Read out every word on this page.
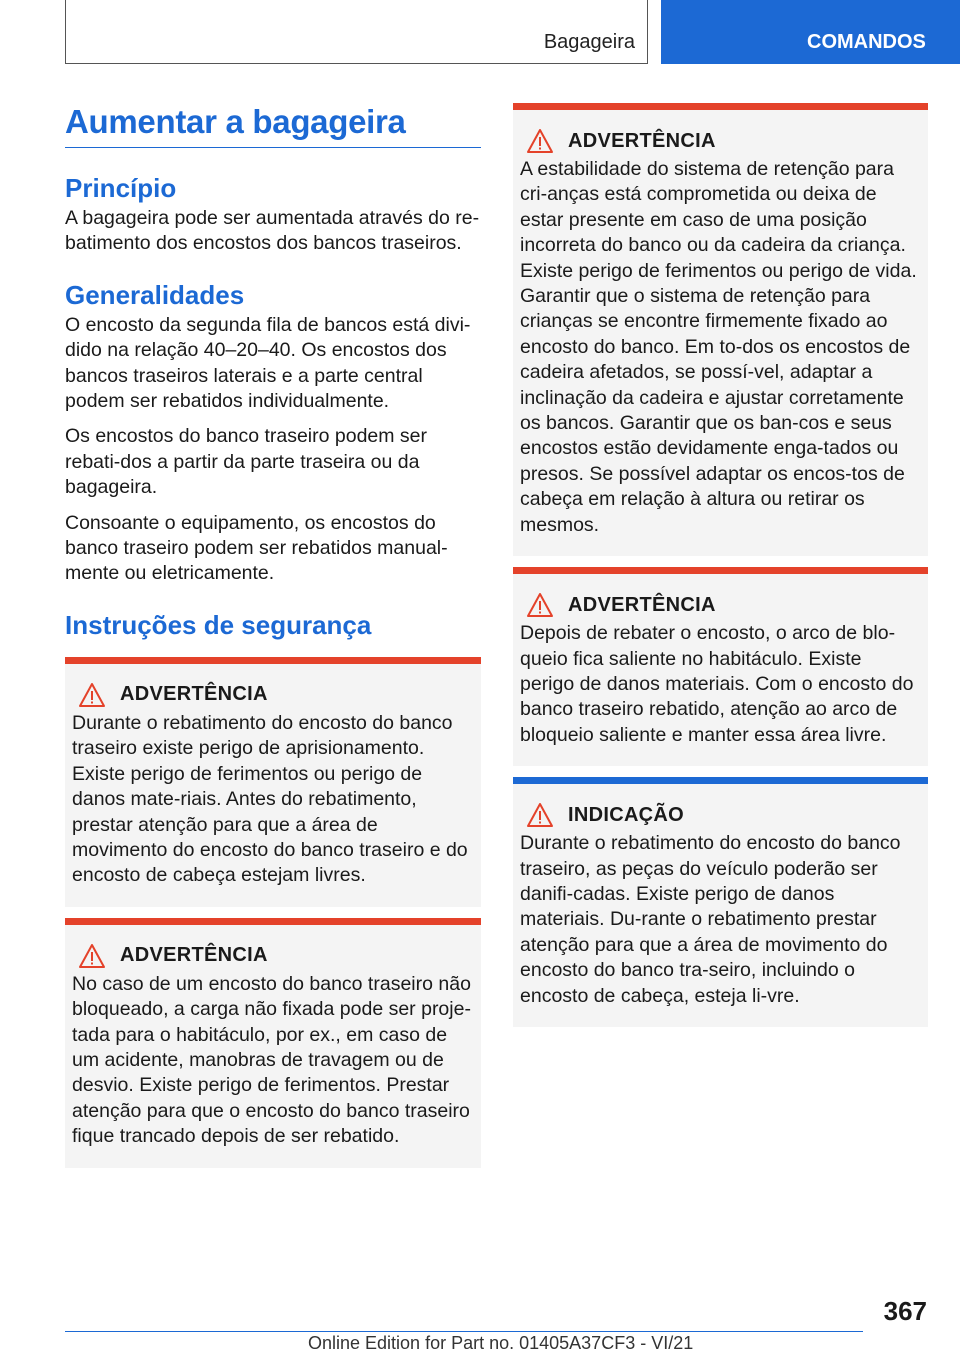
Bagageira	COMANDOS
Aumentar a bagageira
Princípio

A bagageira pode ser aumentada através do re-batimento dos encostos dos bancos traseiros.

Generalidades

O encosto da segunda fila de bancos está divi-dido na relação 40–20–40. Os encostos dos bancos traseiros laterais e a parte central podem ser rebatidos individualmente.

Os encostos do banco traseiro podem ser rebati-dos a partir da parte traseira ou da bagageira.

Consoante o equipamento, os encostos do banco traseiro podem ser rebatidos manual-mente ou eletricamente.

Instruções de segurança
ADVERTÊNCIA

Durante o rebatimento do encosto do banco traseiro existe perigo de aprisionamento. Existe perigo de ferimentos ou perigo de danos mate-riais. Antes do rebatimento, prestar atenção para que a área de movimento do encosto do banco traseiro e do encosto de cabeça estejam livres.

ADVERTÊNCIA

No caso de um encosto do banco traseiro não bloqueado, a carga não fixada pode ser proje-tada para o habitáculo, por ex., em caso de um acidente, manobras de travagem ou de desvio. Existe perigo de ferimentos. Prestar atenção para que o encosto do banco traseiro fique trancado depois de ser rebatido.

ADVERTÊNCIA

A estabilidade do sistema de retenção para cri-anças está comprometida ou deixa de estar presente em caso de uma posição incorreta do banco ou da cadeira da criança. Existe perigo de ferimentos ou perigo de vida. Garantir que o sistema de retenção para crianças se encontre firmemente fixado ao encosto do banco. Em to-dos os encostos de cadeira afetados, se possí-vel, adaptar a inclinação da cadeira e ajustar corretamente os bancos. Garantir que os ban-cos e seus encostos estão devidamente enga-tados ou presos. Se possível adaptar os encos-tos de cabeça em relação à altura ou retirar os mesmos.

ADVERTÊNCIA

Depois de rebater o encosto, o arco de blo-queio fica saliente no habitáculo. Existe perigo de danos materiais. Com o encosto do banco traseiro rebatido, atenção ao arco de bloqueio saliente e manter essa área livre.

INDICAÇÃO

Durante o rebatimento do encosto do banco traseiro, as peças do veículo poderão ser danifi-cadas. Existe perigo de danos materiais. Du-rante o rebatimento prestar atenção para que a área de movimento do encosto do banco tra-seiro, incluindo o encosto de cabeça, esteja li-vre.

367
Online Edition for Part no. 01405A37CF3 - VI/21
